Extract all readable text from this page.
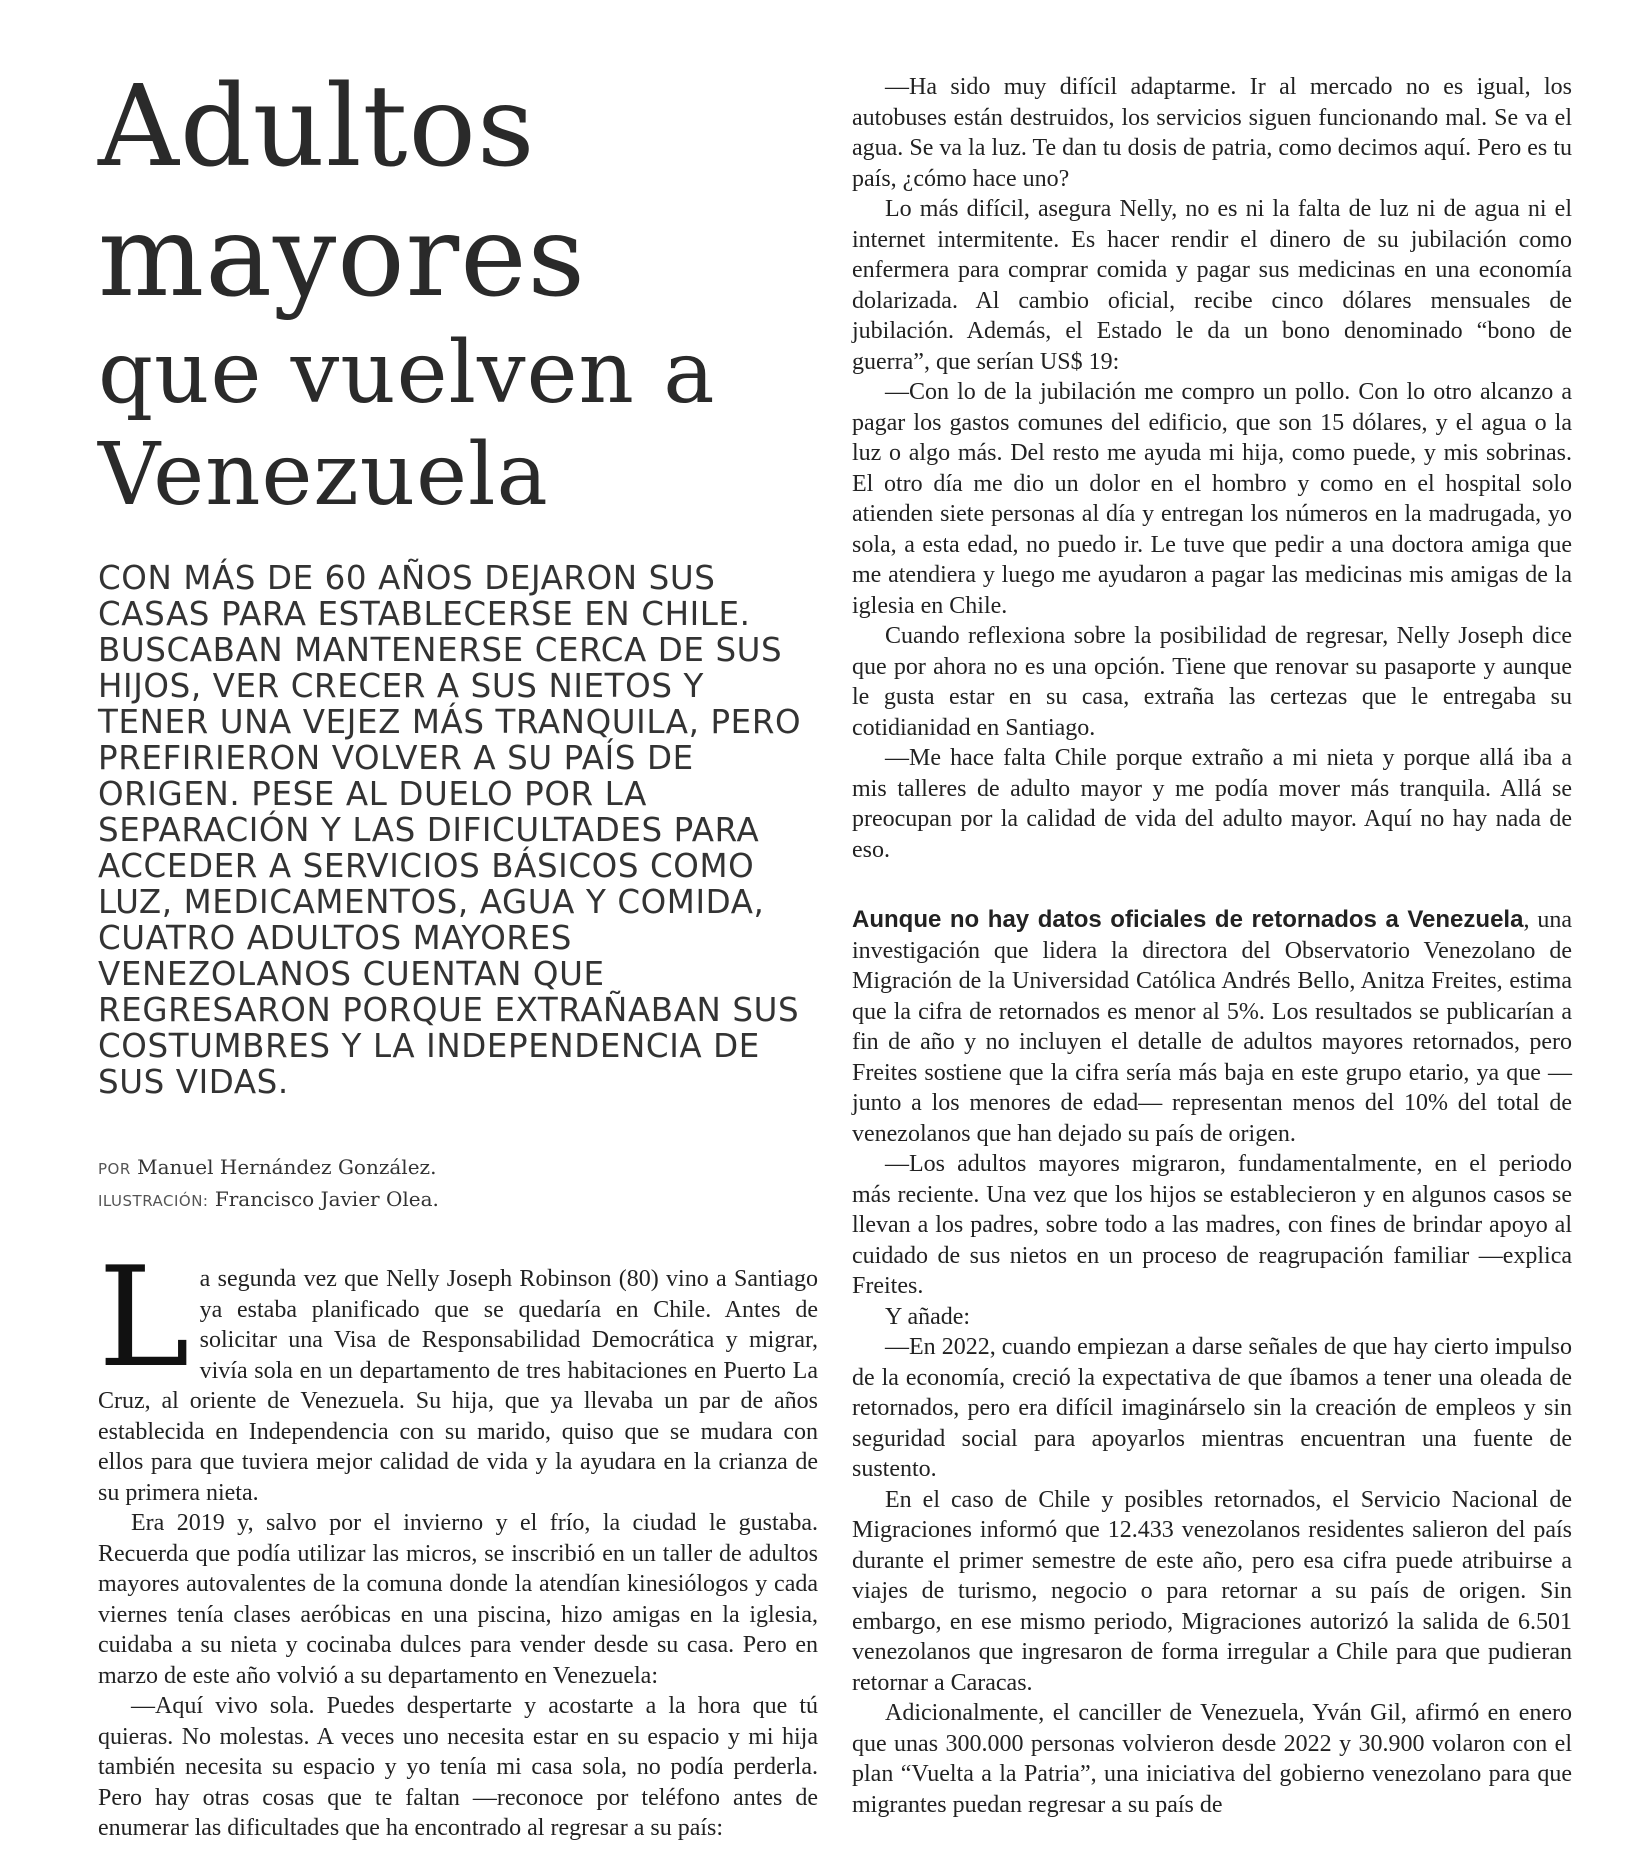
Adultos
mayores
que vuelven a
Venezuela
CON MÁS DE 60 AÑOS DEJARON SUS CASAS PARA ESTABLECERSE EN CHILE. BUSCABAN MANTENERSE CERCA DE SUS HIJOS, VER CRECER A SUS NIETOS Y TENER UNA VEJEZ MÁS TRANQUILA, PERO PREFIRIERON VOLVER A SU PAÍS DE ORIGEN. PESE AL DUELO POR LA SEPARACIÓN Y LAS DIFICULTADES PARA ACCEDER A SERVICIOS BÁSICOS COMO LUZ, MEDICAMENTOS, AGUA Y COMIDA, CUATRO ADULTOS MAYORES VENEZOLANOS CUENTAN QUE REGRESARON PORQUE EXTRAÑABAN SUS COSTUMBRES Y LA INDEPENDENCIA DE SUS VIDAS.
POR Manuel Hernández González.
ILUSTRACIÓN: Francisco Javier Olea.

La segunda vez que Nelly Joseph Robinson (80) vino a Santiago ya estaba planificado que se quedaría en Chile. Antes de solicitar una Visa de Responsabilidad Democrática y migrar, vivía sola en un departamento de tres habitaciones en Puerto La Cruz, al oriente de Venezuela. Su hija, que ya llevaba un par de años establecida en Independencia con su marido, quiso que se mudara con ellos para que tuviera mejor calidad de vida y la ayudara en la crianza de su primera nieta.

Era 2019 y, salvo por el invierno y el frío, la ciudad le gustaba. Recuerda que podía utilizar las micros, se inscribió en un taller de adultos mayores autovalentes de la comuna donde la atendían kinesiólogos y cada viernes tenía clases aeróbicas en una piscina, hizo amigas en la iglesia, cuidaba a su nieta y cocinaba dulces para vender desde su casa. Pero en marzo de este año volvió a su departamento en Venezuela:

—Aquí vivo sola. Puedes despertarte y acostarte a la hora que tú quieras. No molestas. A veces uno necesita estar en su espacio y mi hija también necesita su espacio y yo tenía mi casa sola, no podía perderla. Pero hay otras cosas que te faltan —reconoce por teléfono antes de enumerar las dificultades que ha encontrado al regresar a su país:

—Ha sido muy difícil adaptarme. Ir al mercado no es igual, los autobuses están destruidos, los servicios siguen funcionando mal. Se va el agua. Se va la luz. Te dan tu dosis de patria, como decimos aquí. Pero es tu país, ¿cómo hace uno?

Lo más difícil, asegura Nelly, no es ni la falta de luz ni de agua ni el internet intermitente. Es hacer rendir el dinero de su jubilación como enfermera para comprar comida y pagar sus medicinas en una economía dolarizada. Al cambio oficial, recibe cinco dólares mensuales de jubilación. Además, el Estado le da un bono denominado “bono de guerra”, que serían US$ 19:

—Con lo de la jubilación me compro un pollo. Con lo otro alcanzo a pagar los gastos comunes del edificio, que son 15 dólares, y el agua o la luz o algo más. Del resto me ayuda mi hija, como puede, y mis sobrinas. El otro día me dio un dolor en el hombro y como en el hospital solo atienden siete personas al día y entregan los números en la madrugada, yo sola, a esta edad, no puedo ir. Le tuve que pedir a una doctora amiga que me atendiera y luego me ayudaron a pagar las medicinas mis amigas de la iglesia en Chile.

Cuando reflexiona sobre la posibilidad de regresar, Nelly Joseph dice que por ahora no es una opción. Tiene que renovar su pasaporte y aunque le gusta estar en su casa, extraña las certezas que le entregaba su cotidianidad en Santiago.

—Me hace falta Chile porque extraño a mi nieta y porque allá iba a mis talleres de adulto mayor y me podía mover más tranquila. Allá se preocupan por la calidad de vida del adulto mayor. Aquí no hay nada de eso.

Aunque no hay datos oficiales de retornados a Venezuela, una investigación que lidera la directora del Observatorio Venezolano de Migración de la Universidad Católica Andrés Bello, Anitza Freites, estima que la cifra de retornados es menor al 5%. Los resultados se publicarían a fin de año y no incluyen el detalle de adultos mayores retornados, pero Freites sostiene que la cifra sería más baja en este grupo etario, ya que —junto a los menores de edad— representan menos del 10% del total de venezolanos que han dejado su país de origen.

—Los adultos mayores migraron, fundamentalmente, en el periodo más reciente. Una vez que los hijos se establecieron y en algunos casos se llevan a los padres, sobre todo a las madres, con fines de brindar apoyo al cuidado de sus nietos en un proceso de reagrupación familiar —explica Freites.

Y añade:

—En 2022, cuando empiezan a darse señales de que hay cierto impulso de la economía, creció la expectativa de que íbamos a tener una oleada de retornados, pero era difícil imaginárselo sin la creación de empleos y sin seguridad social para apoyarlos mientras encuentran una fuente de sustento.

En el caso de Chile y posibles retornados, el Servicio Nacional de Migraciones informó que 12.433 venezolanos residentes salieron del país durante el primer semestre de este año, pero esa cifra puede atribuirse a viajes de turismo, negocio o para retornar a su país de origen. Sin embargo, en ese mismo periodo, Migraciones autorizó la salida de 6.501 venezolanos que ingresaron de forma irregular a Chile para que pudieran retornar a Caracas.

Adicionalmente, el canciller de Venezuela, Yván Gil, afirmó en enero que unas 300.000 personas volvieron desde 2022 y 30.900 volaron con el plan “Vuelta a la Patria”, una iniciativa del gobierno venezolano para que migrantes puedan regresar a su país de
